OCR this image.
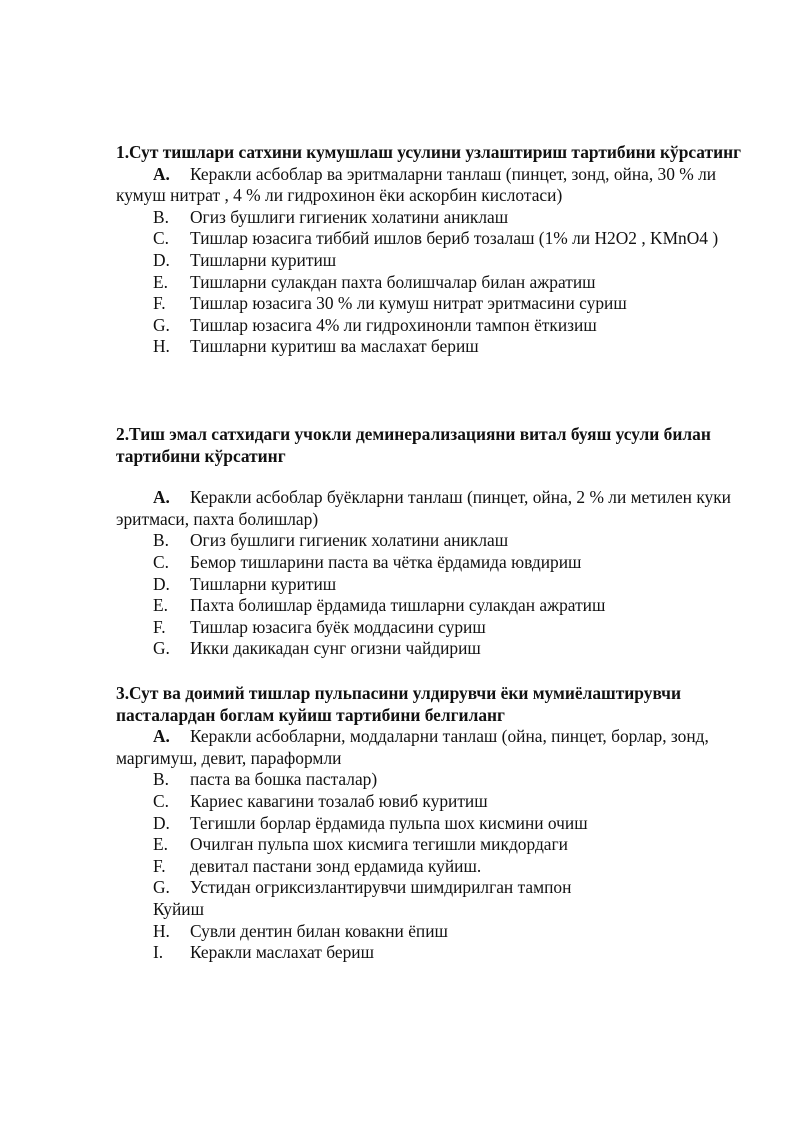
1.Сут тишлари сатхини кумушлаш усулини узлаштириш тартибини кўрсатинг

A. Керакли асбоблар ва эритмаларни танлаш (пинцет, зонд, ойна, 30 % ли кумуш нитрат , 4 % ли гидрохинон ёки аскорбин кислотаси)

B. Огиз бушлиги гигиеник холатини аниклаш

C. Тишлар юзасига тиббий ишлов бериб тозалаш (1% ли H2O2 , KMnO4 )

D. Тишларни куритиш

E. Тишларни сулакдан пахта болишчалар билан ажратиш

F. Тишлар юзасига 30 % ли кумуш нитрат эритмасини суриш

G. Тишлар юзасига 4% ли гидрохинонли тампон ёткизиш

H. Тишларни куритиш ва маслахат бериш

2.Тиш эмал сатхидаги учокли деминерализацияни витал буяш усули билан тартибини кўрсатинг

A. Керакли асбоблар буёкларни танлаш (пинцет, ойна, 2 % ли метилен куки эритмаси, пахта болишлар)

B. Огиз бушлиги гигиеник холатини аниклаш

C. Бемор тишларини паста ва чётка ёрдамида ювдириш

D. Тишларни куритиш

E. Пахта болишлар ёрдамида тишларни сулакдан ажратиш

F. Тишлар юзасига буёк моддасини суриш

G. Икки дакикадан сунг огизни чайдириш

3.Сут ва доимий тишлар пульпасини улдирувчи ёки мумиёлаштирувчи пасталардан боглам куйиш тартибини белгиланг

A. Керакли асбобларни, моддаларни танлаш (ойна, пинцет, борлар, зонд, маргимуш, девит, параформли

B. паста ва бошка пасталар)

C. Кариес кавагини тозалаб ювиб куритиш

D. Тегишли борлар ёрдамида пульпа шох кисмини очиш

E. Очилган пульпа шох кисмига тегишли микдордаги

F. девитал пастани зонд ердамида куйиш.

G. Устидан огриксизлантирувчи шимдирилган тампон

Куйиш

H. Сувли дентин билан ковакни ёпиш

I. Керакли маслахат бериш
